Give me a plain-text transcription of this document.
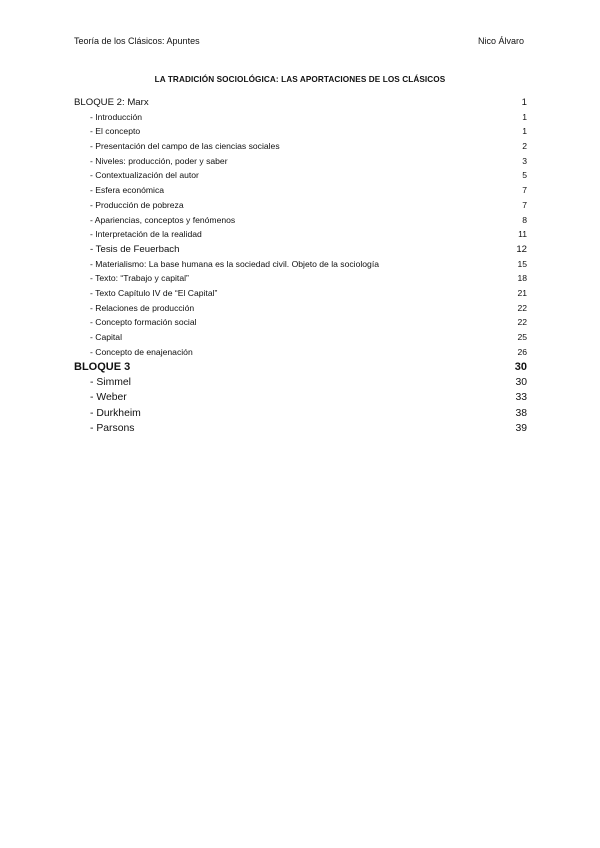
Teoría de los Clásicos: Apuntes	Nico Álvaro
LA TRADICIÓN SOCIOLÓGICA: LAS APORTACIONES DE LOS CLÁSICOS
BLOQUE 2: Marx	1
- Introducción	1
- El concepto	1
- Presentación del campo de las ciencias sociales	2
- Niveles: producción, poder y saber	3
- Contextualización del autor	5
- Esfera económica	7
- Producción de pobreza	7
- Apariencias, conceptos y fenómenos	8
- Interpretación de la realidad	11
- Tesis de Feuerbach	12
- Materialismo: La base humana es la sociedad civil. Objeto de la sociología	15
- Texto: “Trabajo y capital”	18
- Texto Capítulo IV de “El Capital”	21
- Relaciones de producción	22
- Concepto formación social	22
- Capital	25
- Concepto de enajenación	26
BLOQUE 3	30
- Simmel	30
- Weber	33
- Durkheim	38
- Parsons	39
